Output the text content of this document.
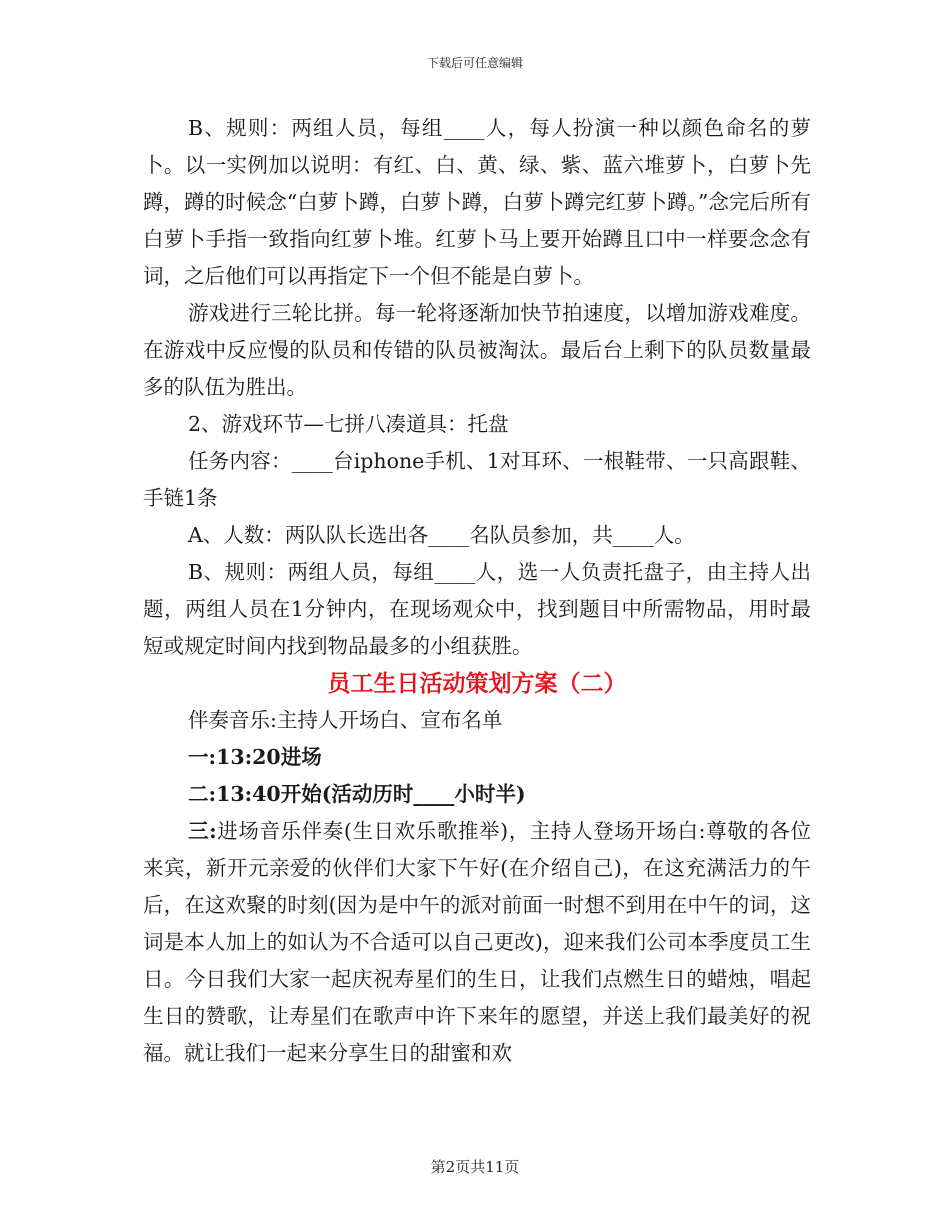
下载后可任意编辑

B、规则：两组人员，每组____人，每人扮演一种以颜色命名的萝卜。以一实例加以说明：有红、白、黄、绿、紫、蓝六堆萝卜，白萝卜先蹲，蹲的时候念“白萝卜蹲，白萝卜蹲，白萝卜蹲完红萝卜蹲。”念完后所有白萝卜手指一致指向红萝卜堆。红萝卜马上要开始蹲且口中一样要念念有词，之后他们可以再指定下一个但不能是白萝卜。

游戏进行三轮比拼。每一轮将逐渐加快节拍速度，以增加游戏难度。在游戏中反应慢的队员和传错的队员被淘汰。最后台上剩下的队员数量最多的队伍为胜出。

2、游戏环节—七拼八凑道具：托盘

任务内容：____台iphone手机、1对耳环、一根鞋带、一只高跟鞋、手链1条

A、人数：两队队长选出各____名队员参加，共____人。

B、规则：两组人员，每组____人，选一人负责托盘子，由主持人出题，两组人员在1分钟内，在现场观众中，找到题目中所需物品，用时最短或规定时间内找到物品最多的小组获胜。

员工生日活动策划方案（二）

伴奏音乐:主持人开场白、宣布名单

一:13:20进场

二:13:40开始(活动历时____小时半)

三:进场音乐伴奏(生日欢乐歌推举)，主持人登场开场白:尊敬的各位来宾，新开元亲爱的伙伴们大家下午好(在介绍自己)，在这充满活力的午后，在这欢聚的时刻(因为是中午的派对前面一时想不到用在中午的词，这词是本人加上的如认为不合适可以自己更改)，迎来我们公司本季度员工生日。今日我们大家一起庆祝寿星们的生日，让我们点燃生日的蜡烛，唱起生日的赞歌，让寿星们在歌声中许下来年的愿望，并送上我们最美好的祝福。就让我们一起来分享生日的甜蜜和欢

第2页共11页
